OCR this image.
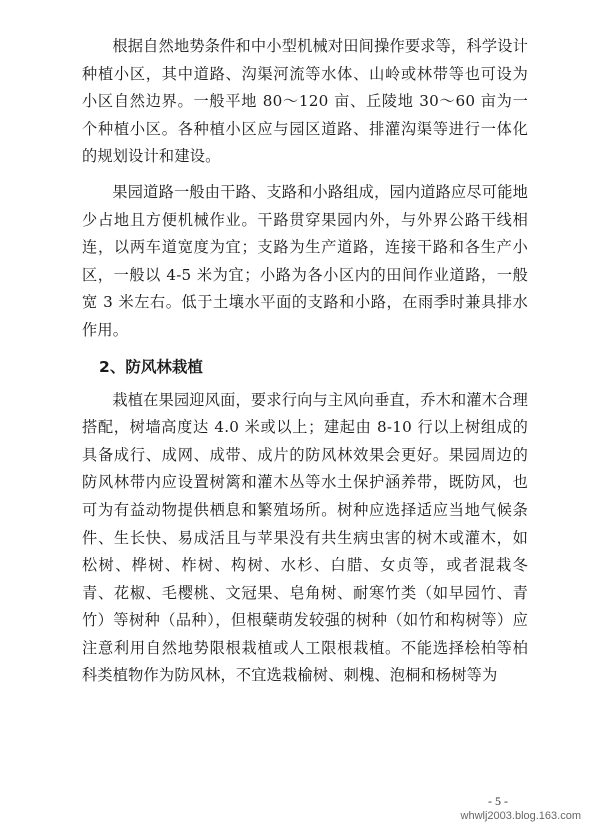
根据自然地势条件和中小型机械对田间操作要求等，科学设计种植小区，其中道路、沟渠河流等水体、山岭或林带等也可设为小区自然边界。一般平地 80～120 亩、丘陵地 30～60 亩为一个种植小区。各种植小区应与园区道路、排灌沟渠等进行一体化的规划设计和建设。

果园道路一般由干路、支路和小路组成，园内道路应尽可能地少占地且方便机械作业。干路贯穿果园内外，与外界公路干线相连，以两车道宽度为宜；支路为生产道路，连接干路和各生产小区，一般以 4-5 米为宜；小路为各小区内的田间作业道路，一般宽 3 米左右。低于土壤水平面的支路和小路，在雨季时兼具排水作用。

2、防风林栽植

栽植在果园迎风面，要求行向与主风向垂直，乔木和灌木合理搭配，树墙高度达 4.0 米或以上；建起由 8-10 行以上树组成的具备成行、成网、成带、成片的防风林效果会更好。果园周边的防风林带内应设置树篱和灌木丛等水土保护涵养带，既防风，也可为有益动物提供栖息和繁殖场所。树种应选择适应当地气候条件、生长快、易成活且与苹果没有共生病虫害的树木或灌木，如松树、桦树、柞树、构树、水杉、白腊、女贞等，或者混栽冬青、花椒、毛樱桃、文冠果、皂角树、耐寒竹类（如早园竹、青竹）等树种（品种），但根蘖萌发较强的树种（如竹和构树等）应注意利用自然地势限根栽植或人工限根栽植。不能选择桧柏等柏科类植物作为防风林，不宜选栽榆树、刺槐、泡桐和杨树等为

- 5 -
whwlj2003.blog.163.com
